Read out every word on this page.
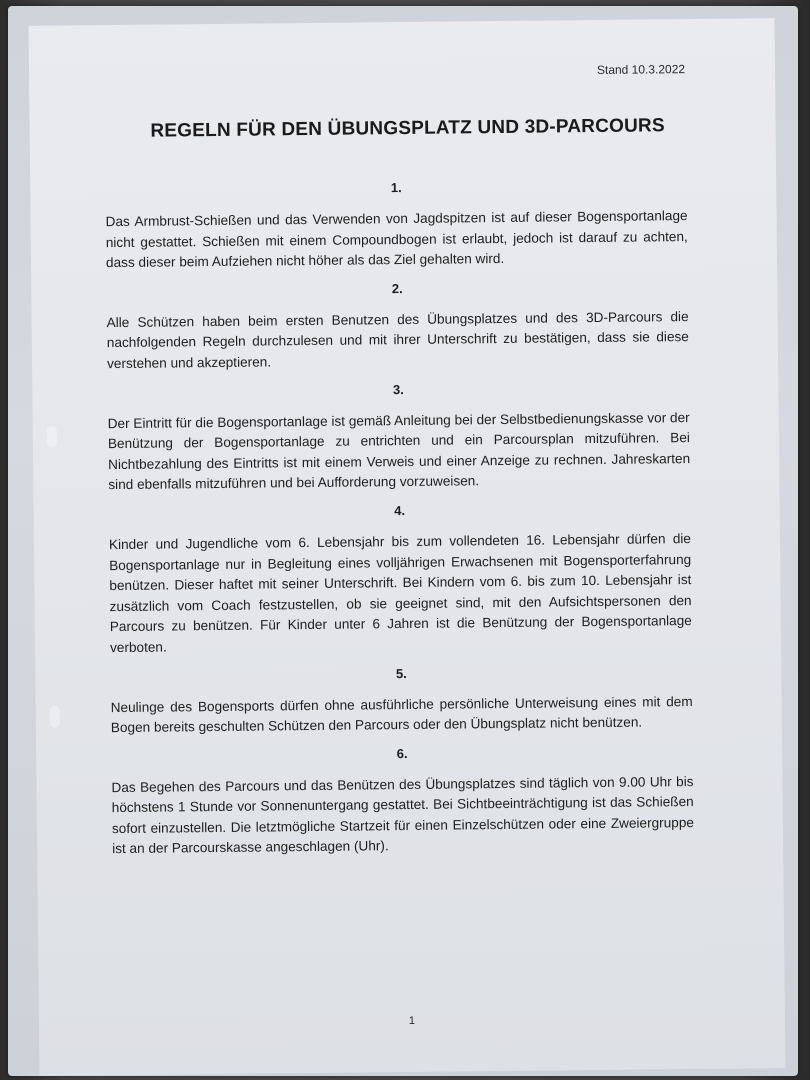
Stand 10.3.2022
REGELN FÜR DEN ÜBUNGSPLATZ UND 3D-PARCOURS
1.

Das Armbrust-Schießen und das Verwenden von Jagdspitzen ist auf dieser Bogensportanlage nicht gestattet. Schießen mit einem Compoundbogen ist erlaubt, jedoch ist darauf zu achten, dass dieser beim Aufziehen nicht höher als das Ziel gehalten wird.

2.

Alle Schützen haben beim ersten Benutzen des Übungsplatzes und des 3D-Parcours die nachfolgenden Regeln durchzulesen und mit ihrer Unterschrift zu bestätigen, dass sie diese verstehen und akzeptieren.

3.

Der Eintritt für die Bogensportanlage ist gemäß Anleitung bei der Selbstbedienungskasse vor der Benützung der Bogensportanlage zu entrichten und ein Parcoursplan mitzuführen. Bei Nichtbezahlung des Eintritts ist mit einem Verweis und einer Anzeige zu rechnen. Jahreskarten sind ebenfalls mitzuführen und bei Aufforderung vorzuweisen.

4.

Kinder und Jugendliche vom 6. Lebensjahr bis zum vollendeten 16. Lebensjahr dürfen die Bogensportanlage nur in Begleitung eines volljährigen Erwachsenen mit Bogensporterfahrung benützen. Dieser haftet mit seiner Unterschrift. Bei Kindern vom 6. bis zum 10. Lebensjahr ist zusätzlich vom Coach festzustellen, ob sie geeignet sind, mit den Aufsichtspersonen den Parcours zu benützen. Für Kinder unter 6 Jahren ist die Benützung der Bogensportanlage verboten.

5.

Neulinge des Bogensports dürfen ohne ausführliche persönliche Unterweisung eines mit dem Bogen bereits geschulten Schützen den Parcours oder den Übungsplatz nicht benützen.

6.

Das Begehen des Parcours und das Benützen des Übungsplatzes sind täglich von 9.00 Uhr bis höchstens 1 Stunde vor Sonnenuntergang gestattet. Bei Sichtbeeinträchtigung ist das Schießen sofort einzustellen. Die letztmögliche Startzeit für einen Einzelschützen oder eine Zweiergruppe ist an der Parcourskasse angeschlagen (Uhr).

1
